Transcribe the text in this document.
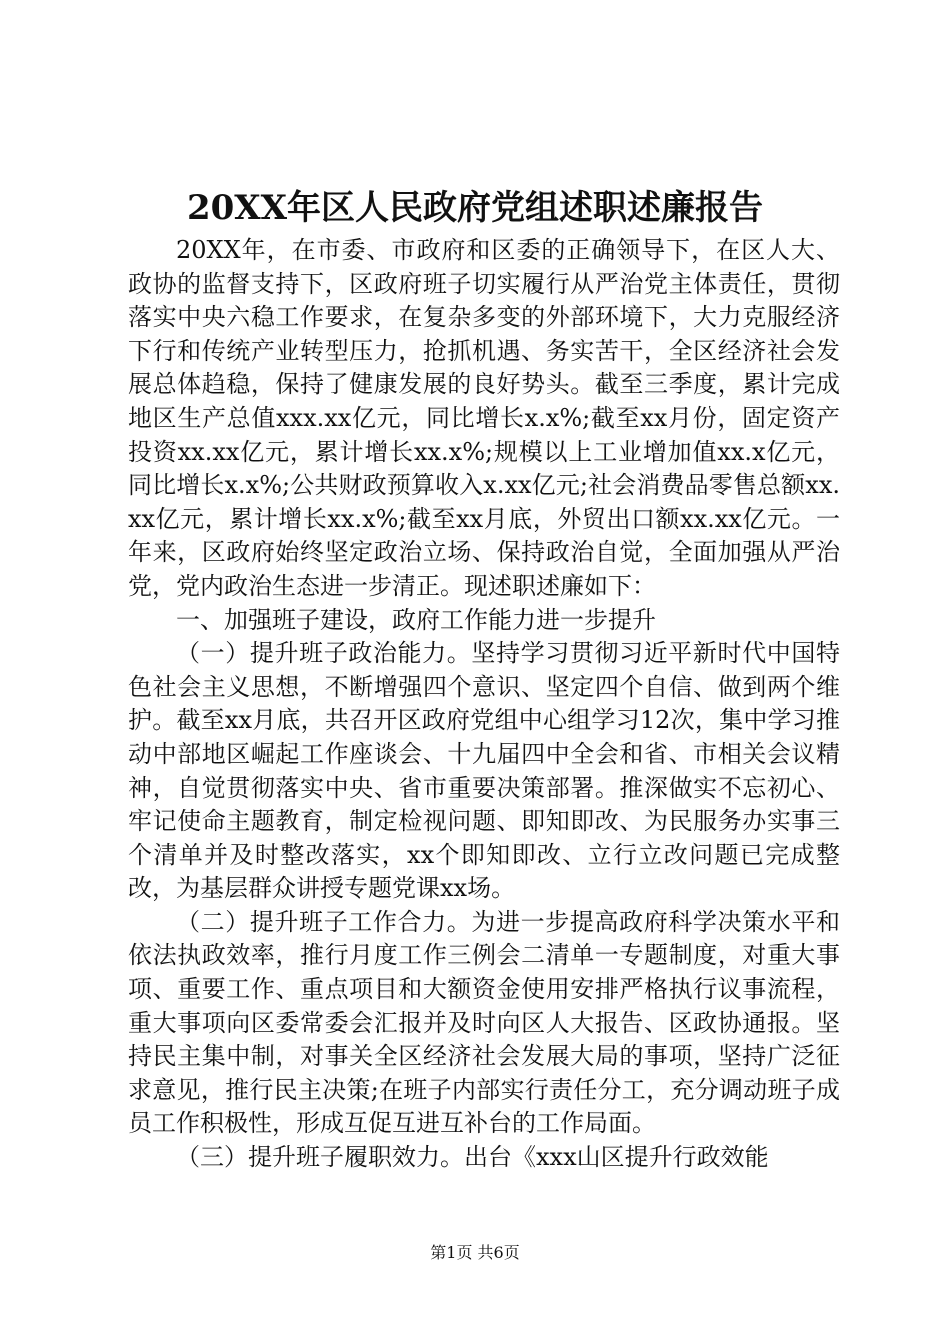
20XX年区人民政府党组述职述廉报告

20XX年，在市委、市政府和区委的正确领导下，在区人大、政协的监督支持下，区政府班子切实履行从严治党主体责任，贯彻落实中央六稳工作要求，在复杂多变的外部环境下，大力克服经济下行和传统产业转型压力，抢抓机遇、务实苦干，全区经济社会发展总体趋稳，保持了健康发展的良好势头。截至三季度，累计完成地区生产总值xxx.xx亿元，同比增长x.x%;截至xx月份，固定资产投资xx.xx亿元，累计增长xx.x%;规模以上工业增加值xx.x亿元，同比增长x.x%;公共财政预算收入x.xx亿元;社会消费品零售总额xx.xx亿元，累计增长xx.x%;截至xx月底，外贸出口额xx.xx亿元。一年来，区政府始终坚定政治立场、保持政治自觉，全面加强从严治党，党内政治生态进一步清正。现述职述廉如下：

一、加强班子建设，政府工作能力进一步提升

（一）提升班子政治能力。坚持学习贯彻习近平新时代中国特色社会主义思想，不断增强四个意识、坚定四个自信、做到两个维护。截至xx月底，共召开区政府党组中心组学习12次，集中学习推动中部地区崛起工作座谈会、十九届四中全会和省、市相关会议精神，自觉贯彻落实中央、省市重要决策部署。推深做实不忘初心、牢记使命主题教育，制定检视问题、即知即改、为民服务办实事三个清单并及时整改落实，xx个即知即改、立行立改问题已完成整改，为基层群众讲授专题党课xx场。

（二）提升班子工作合力。为进一步提高政府科学决策水平和依法执政效率，推行月度工作三例会二清单一专题制度，对重大事项、重要工作、重点项目和大额资金使用安排严格执行议事流程，重大事项向区委常委会汇报并及时向区人大报告、区政协通报。坚持民主集中制，对事关全区经济社会发展大局的事项，坚持广泛征求意见，推行民主决策;在班子内部实行责任分工，充分调动班子成员工作积极性，形成互促互进互补台的工作局面。

（三）提升班子履职效力。出台《xxx山区提升行政效能

第1页 共6页
